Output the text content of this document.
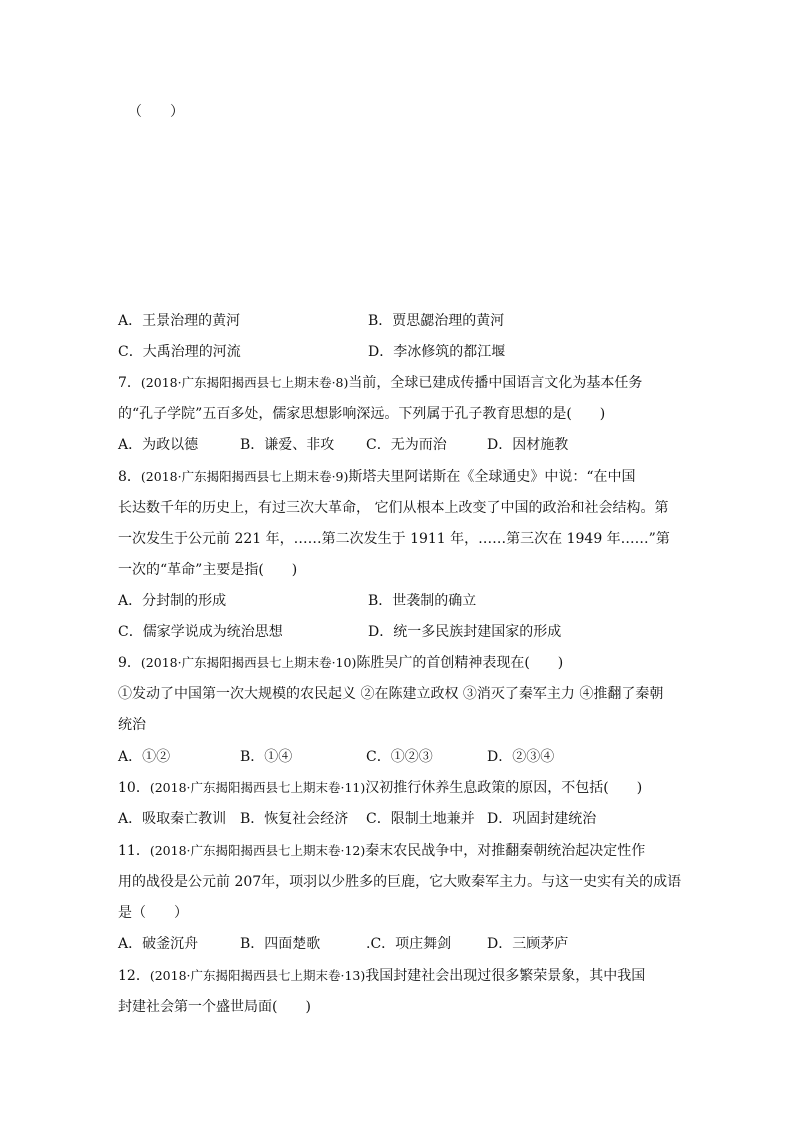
（　　）
A．王景治理的黄河	B．贾思勰治理的黄河
C．大禹治理的河流	D．李冰修筑的都江堰
7．(2018·广东揭阳揭西县七上期末卷·8)当前，全球已建成传播中国语言文化为基本任务
的“孔子学院”五百多处，儒家思想影响深远。下列属于孔子教育思想的是(　　)
A．为政以德	B．谦爱、非攻 C．无为而治	D．因材施教
8．(2018·广东揭阳揭西县七上期末卷·9)斯塔夫里阿诺斯在《全球通史》中说：“在中国
长达数千年的历史上，有过三次大革命， 它们从根本上改变了中国的政治和社会结构。第
一次发生于公元前 221 年，……第二次发生于 1911 年，……第三次在 1949 年……”第
一次的“革命”主要是指(　　)
A．分封制的形成	B．世袭制的确立
C．儒家学说成为统治思想	D．统一多民族封建国家的形成
9．(2018·广东揭阳揭西县七上期末卷·10)陈胜吴广的首创精神表现在(　　)
①发动了中国第一次大规模的农民起义 ②在陈建立政权 ③消灭了秦军主力 ④推翻了秦朝
统治
A．①②	B．①④	C．①②③	D．②③④
10．(2018·广东揭阳揭西县七上期末卷·11)汉初推行休养生息政策的原因，不包括(　　)
A．吸取秦亡教训 B．恢复社会经济 C．限制土地兼并 D．巩固封建统治
11．(2018·广东揭阳揭西县七上期末卷·12)秦末农民战争中，对推翻秦朝统治起决定性作
用的战役是公元前 207年，项羽以少胜多的巨鹿，它大败秦军主力。与这一史实有关的成语
是（　　）
A．破釜沉舟	B．四面楚歌	.C．项庄舞剑	D．三顾茅庐
12．(2018·广东揭阳揭西县七上期末卷·13)我国封建社会出现过很多繁荣景象，其中我国
封建社会第一个盛世局面(　　)
